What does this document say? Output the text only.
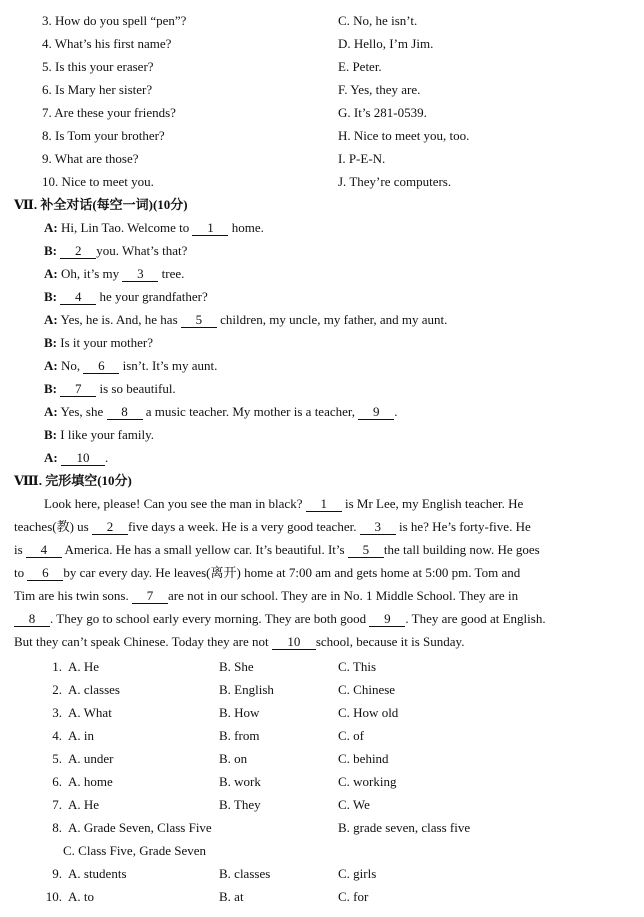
3. How do you spell “pen”?	C. No, he isn’t.
4. What’s his first name?	D. Hello, I’m Jim.
5. Is this your eraser?	E. Peter.
6. Is Mary her sister?	F. Yes, they are.
7. Are these your friends?	G. It’s 281-0539.
8. Is Tom your brother?	H. Nice to meet you, too.
9. What are those?	I. P-E-N.
10. Nice to meet you.	J. They’re computers.
Ⅶ. 补全对话(每空一词)(10分)
A: Hi, Lin Tao. Welcome to 1 home.
B: 2 you. What’s that?
A: Oh, it’s my 3 tree.
B: 4 he your grandfather?
A: Yes, he is. And, he has 5 children, my uncle, my father, and my aunt.
B: Is it your mother?
A: No, 6 isn’t. It’s my aunt.
B: 7 is so beautiful.
A: Yes, she 8 a music teacher. My mother is a teacher, 9 .
B: I like your family.
A: 10 .
Ⅷ. 完形填空(10分)
Look here, please! Can you see the man in black? 1 is Mr Lee, my English teacher. He
teaches(教) us 2 five days a week. He is a very good teacher. 3 is he? He’s forty-five. He
is 4 America. He has a small yellow car. It’s beautiful. It’s 5 the tall building now. He goes
to 6 by car every day. He leaves(离开) home at 7:00 am and gets home at 5:00 pm. Tom and
Tim are his twin sons. 7 are not in our school. They are in No. 1 Middle School. They are in
8 . They go to school early every morning. They are both good 9 . They are good at English.
But they can’t speak Chinese. Today they are not 10 school, because it is Sunday.
1. A. He	B. She	C. This
2. A. classes	B. English	C. Chinese
3. A. What	B. How	C. How old
4. A. in	B. from	C. of
5. A. under	B. on	C. behind
6. A. home	B. work	C. working
7. A. He	B. They	C. We
8. A. Grade Seven, Class Five	B. grade seven, class five
C. Class Five, Grade Seven
9. A. students	B. classes	C. girls
10. A. to	B. at	C. for
